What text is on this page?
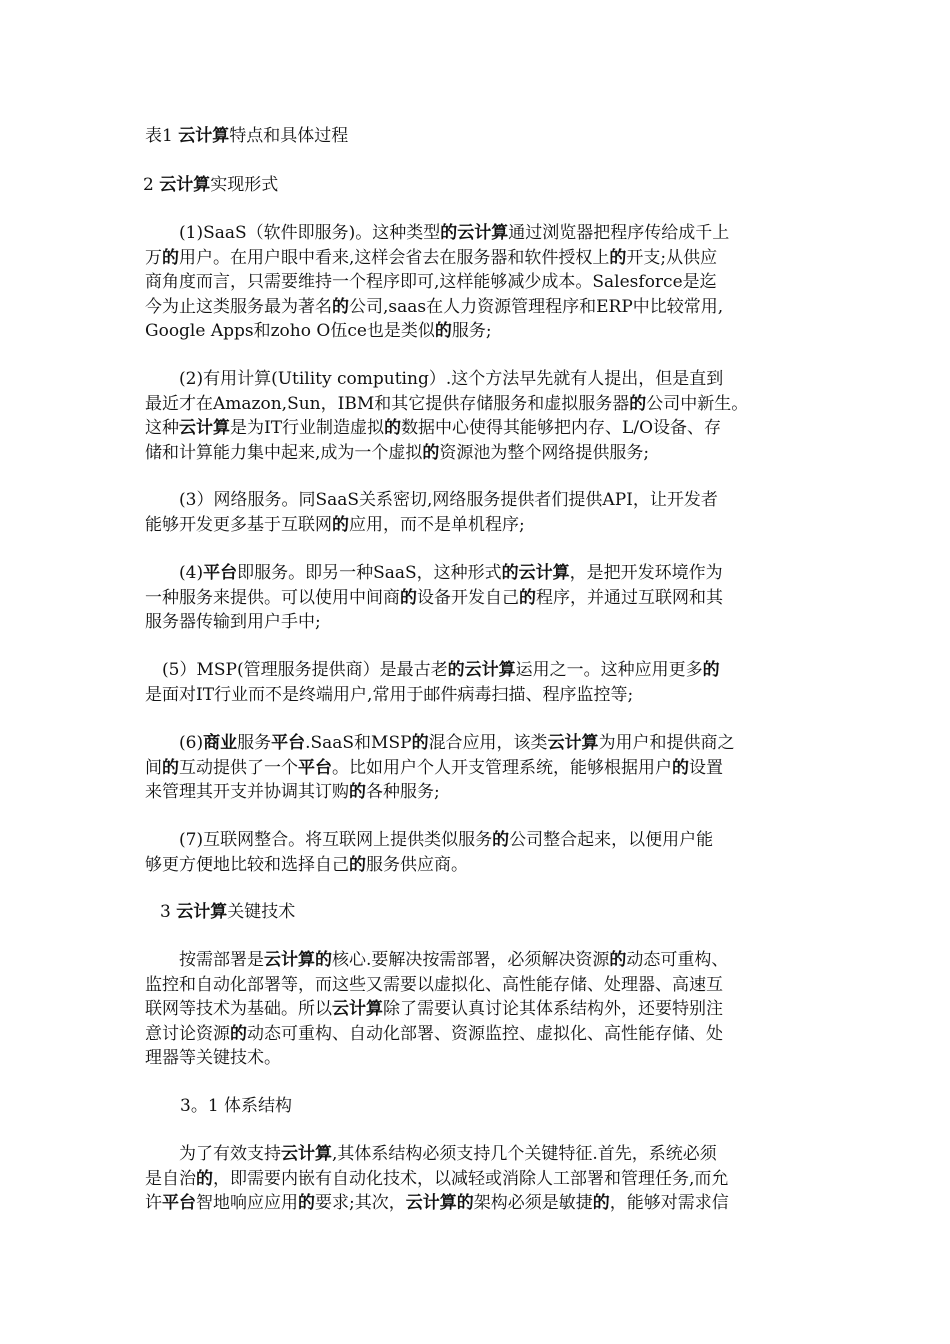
表1 云计算特点和具体过程

2 云计算实现形式

　　(1)SaaS（软件即服务)。这种类型的云计算通过浏览器把程序传给成千上
万的用户。在用户眼中看来,这样会省去在服务器和软件授权上的开支;从供应
商角度而言，只需要维持一个程序即可,这样能够减少成本。Salesforce是迄
今为止这类服务最为著名的公司,saas在人力资源管理程序和ERP中比较常用,
Google Apps和zoho O伍ce也是类似的服务;
　　(2)有用计算(Utility computing）.这个方法早先就有人提出，但是直到
最近才在Amazon,Sun，IBM和其它提供存储服务和虚拟服务器的公司中新生。
这种云计算是为IT行业制造虚拟的数据中心使得其能够把内存、L/O设备、存
储和计算能力集中起来,成为一个虚拟的资源池为整个网络提供服务;
　　(3）网络服务。同SaaS关系密切,网络服务提供者们提供API，让开发者
能够开发更多基于互联网的应用，而不是单机程序;
　　(4)平台即服务。即另一种SaaS，这种形式的云计算，是把开发环境作为
一种服务来提供。可以使用中间商的设备开发自己的程序，并通过互联网和其
服务器传输到用户手中;
　(5）MSP(管理服务提供商）是最古老的云计算运用之一。这种应用更多的
是面对IT行业而不是终端用户,常用于邮件病毒扫描、程序监控等;
　　(6)商业服务平台.SaaS和MSP的混合应用，该类云计算为用户和提供商之
间的互动提供了一个平台。比如用户个人开支管理系统，能够根据用户的设置
来管理其开支并协调其订购的各种服务;
　　(7)互联网整合。将互联网上提供类似服务的公司整合起来，以便用户能
够更方便地比较和选择自己的服务供应商。

3 云计算关键技术

　　按需部署是云计算的核心.要解决按需部署，必须解决资源的动态可重构、
监控和自动化部署等，而这些又需要以虚拟化、高性能存储、处理器、高速互
联网等技术为基础。所以云计算除了需要认真讨论其体系结构外，还要特别注
意讨论资源的动态可重构、自动化部署、资源监控、虚拟化、高性能存储、处
理器等关键技术。

3。1 体系结构

　　为了有效支持云计算,其体系结构必须支持几个关键特征.首先，系统必须
是自治的，即需要内嵌有自动化技术，以减轻或消除人工部署和管理任务,而允
许平台智地响应应用的要求;其次，云计算的架构必须是敏捷的，能够对需求信
